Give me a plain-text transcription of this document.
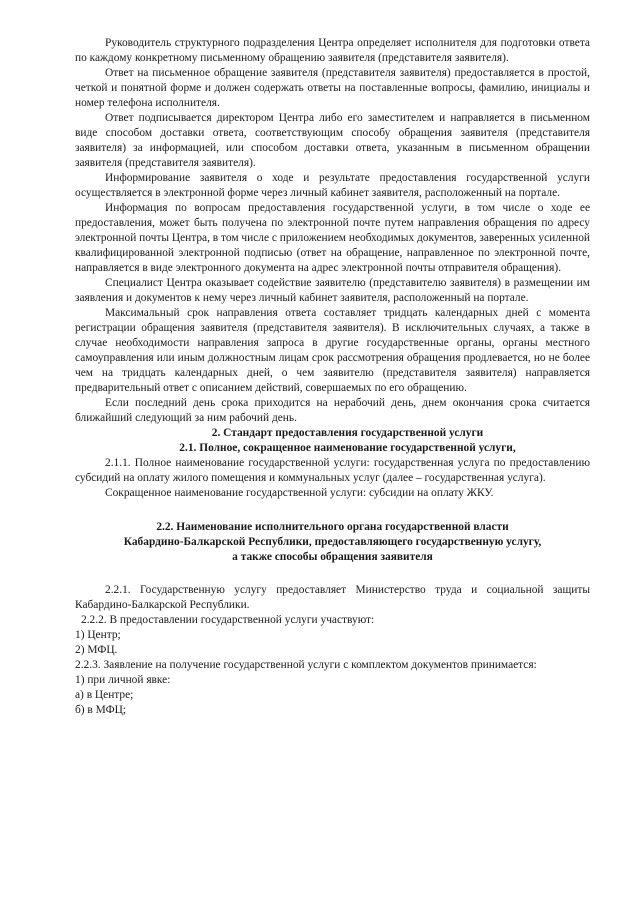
Руководитель структурного подразделения Центра определяет исполнителя для подготовки ответа по каждому конкретному письменному обращению заявителя (представителя заявителя).

Ответ на письменное обращение заявителя (представителя заявителя) предоставляется в простой, четкой и понятной форме и должен содержать ответы на поставленные вопросы, фамилию, инициалы и номер телефона исполнителя.

Ответ подписывается директором Центра либо его заместителем и направляется в письменном виде способом доставки ответа, соответствующим способу обращения заявителя (представителя заявителя) за информацией, или способом доставки ответа, указанным в письменном обращении заявителя (представителя заявителя).

Информирование заявителя о ходе и результате предоставления государственной услуги осуществляется в электронной форме через личный кабинет заявителя, расположенный на портале.

Информация по вопросам предоставления государственной услуги, в том числе о ходе ее предоставления, может быть получена по электронной почте путем направления обращения по адресу электронной почты Центра, в том числе с приложением необходимых документов, заверенных усиленной квалифицированной электронной подписью (ответ на обращение, направленное по электронной почте, направляется в виде электронного документа на адрес электронной почты отправителя обращения).

Специалист Центра оказывает содействие заявителю (представителю заявителя) в размещении им заявления и документов к нему через личный кабинет заявителя, расположенный на портале.

Максимальный срок направления ответа составляет тридцать календарных дней с момента регистрации обращения заявителя (представителя заявителя). В исключительных случаях, а также в случае необходимости направления запроса в другие государственные органы, органы местного самоуправления или иным должностным лицам срок рассмотрения обращения продлевается, но не более чем на тридцать календарных дней, о чем заявителю (представителя заявителя) направляется предварительный ответ с описанием действий, совершаемых по его обращению.

Если последний день срока приходится на нерабочий день, днем окончания срока считается ближайший следующий за ним рабочий день.

2. Стандарт предоставления государственной услуги

2.1. Полное, сокращенное наименование государственной услуги,

2.1.1. Полное наименование государственной услуги: государственная услуга по предоставлению субсидий на оплату жилого помещения и коммунальных услуг (далее – государственная услуга).

Сокращенное наименование государственной услуги: субсидии на оплату ЖКУ.

2.2. Наименование исполнительного органа государственной власти
Кабардино-Балкарской Республики, предоставляющего государственную услугу,
а также способы обращения заявителя

2.2.1. Государственную услугу предоставляет Министерство труда и социальной защиты Кабардино-Балкарской Республики.

2.2.2. В предоставлении государственной услуги участвуют:

1) Центр;

2) МФЦ.

2.2.3. Заявление на получение государственной услуги с комплектом документов принимается:

1) при личной явке:

а) в Центре;

б) в МФЦ;
